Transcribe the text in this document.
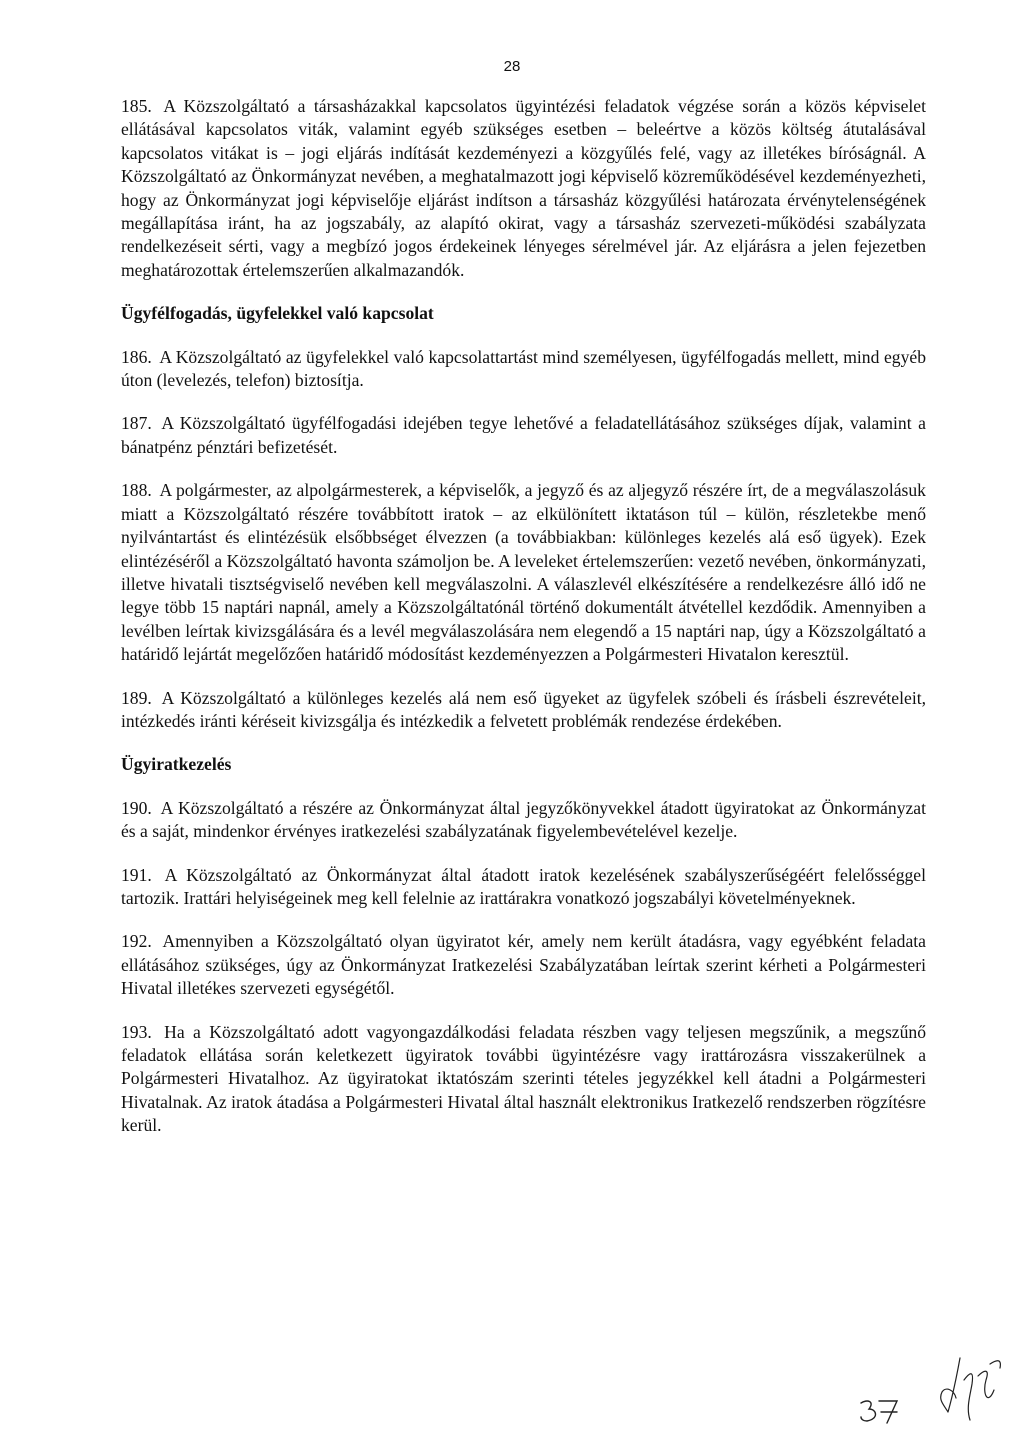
28
185. A Közszolgáltató a társasházakkal kapcsolatos ügyintézési feladatok végzése során a közös képviselet ellátásával kapcsolatos viták, valamint egyéb szükséges esetben – beleértve a közös költség átutalásával kapcsolatos vitákat is – jogi eljárás indítását kezdeményezi a közgyűlés felé, vagy az illetékes bíróságnál. A Közszolgáltató az Önkormányzat nevében, a meghatalmazott jogi képviselő közreműködésével kezdeményezheti, hogy az Önkormányzat jogi képviselője eljárást indítson a társasház közgyűlési határozata érvénytelenségének megállapítása iránt, ha az jogszabály, az alapító okirat, vagy a társasház szervezeti-működési szabályzata rendelkezéseit sérti, vagy a megbízó jogos érdekeinek lényeges sérelmével jár. Az eljárásra a jelen fejezetben meghatározottak értelemszerűen alkalmazandók.
Ügyfélfogadás, ügyfelekkel való kapcsolat
186. A Közszolgáltató az ügyfelekkel való kapcsolattartást mind személyesen, ügyfélfogadás mellett, mind egyéb úton (levelezés, telefon) biztosítja.
187. A Közszolgáltató ügyfélfogadási idejében tegye lehetővé a feladatellátásához szükséges díjak, valamint a bánatpénz pénztári befizetését.
188. A polgármester, az alpolgármesterek, a képviselők, a jegyző és az aljegyző részére írt, de a megválaszolásuk miatt a Közszolgáltató részére továbbított iratok – az elkülönített iktatáson túl – külön, részletekbe menő nyilvántartást és elintézésük elsőbbséget élvezzen (a továbbiakban: különleges kezelés alá eső ügyek). Ezek elintézéséről a Közszolgáltató havonta számoljon be. A leveleket értelemszerűen: vezető nevében, önkormányzati, illetve hivatali tisztségviselő nevében kell megválaszolni. A válaszlevél elkészítésére a rendelkezésre álló idő ne legye több 15 naptári napnál, amely a Közszolgáltatónál történő dokumentált átvétellel kezdődik. Amennyiben a levélben leírtak kivizsgálására és a levél megválaszolására nem elegendő a 15 naptári nap, úgy a Közszolgáltató a határidő lejártát megelőzően határidő módosítást kezdeményezzen a Polgármesteri Hivatalon keresztül.
189. A Közszolgáltató a különleges kezelés alá nem eső ügyeket az ügyfelek szóbeli és írásbeli észrevételeit, intézkedés iránti kéréseit kivizsgálja és intézkedik a felvetett problémák rendezése érdekében.
Ügyiratkezelés
190. A Közszolgáltató a részére az Önkormányzat által jegyzőkönyvekkel átadott ügyiratokat az Önkormányzat és a saját, mindenkor érvényes iratkezelési szabályzatának figyelembevételével kezelje.
191. A Közszolgáltató az Önkormányzat által átadott iratok kezelésének szabályszerűségéért felelősséggel tartozik. Irattári helyiségeinek meg kell felelnie az irattárakra vonatkozó jogszabályi követelményeknek.
192. Amennyiben a Közszolgáltató olyan ügyiratot kér, amely nem került átadásra, vagy egyébként feladata ellátásához szükséges, úgy az Önkormányzat Iratkezelési Szabályzatában leírtak szerint kérheti a Polgármesteri Hivatal illetékes szervezeti egységétől.
193. Ha a Közszolgáltató adott vagyongazdálkodási feladata részben vagy teljesen megszűnik, a megszűnő feladatok ellátása során keletkezett ügyiratok további ügyintézésre vagy irattározásra visszakerülnek a Polgármesteri Hivatalhoz. Az ügyiratokat iktatószám szerinti tételes jegyzékkel kell átadni a Polgármesteri Hivatalnak. Az iratok átadása a Polgármesteri Hivatal által használt elektronikus Iratkezelő rendszerben rögzítésre kerül.
